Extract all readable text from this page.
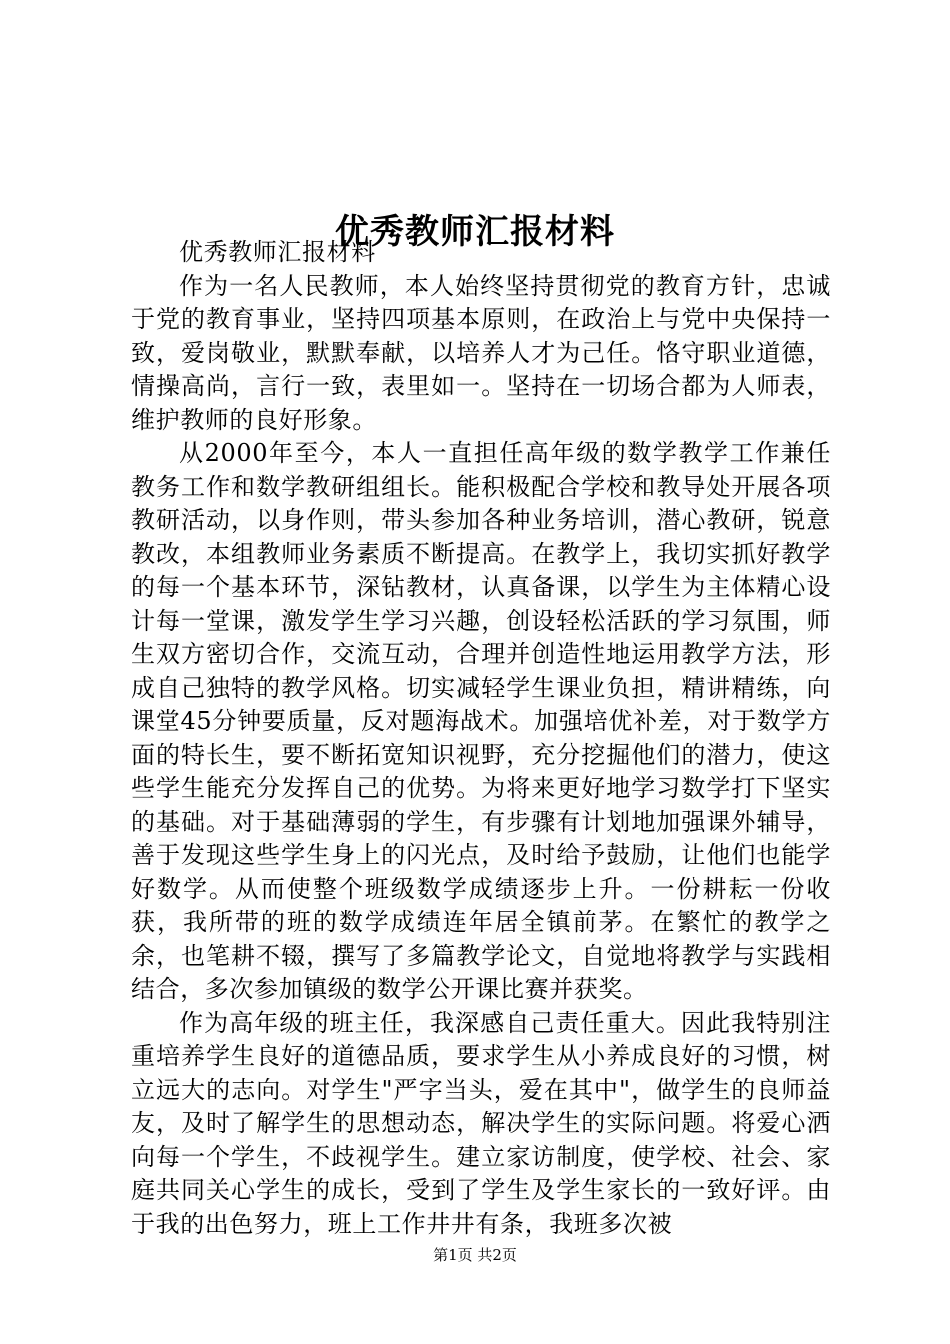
优秀教师汇报材料

优秀教师汇报材料

作为一名人民教师，本人始终坚持贯彻党的教育方针，忠诚于党的教育事业，坚持四项基本原则，在政治上与党中央保持一致，爱岗敬业，默默奉献，以培养人才为己任。恪守职业道德，情操高尚，言行一致，表里如一。坚持在一切场合都为人师表，维护教师的良好形象。

从2000年至今，本人一直担任高年级的数学教学工作兼任教务工作和数学教研组组长。能积极配合学校和教导处开展各项教研活动，以身作则，带头参加各种业务培训，潜心教研，锐意教改，本组教师业务素质不断提高。在教学上，我切实抓好教学的每一个基本环节，深钻教材，认真备课，以学生为主体精心设计每一堂课，激发学生学习兴趣，创设轻松活跃的学习氛围，师生双方密切合作，交流互动，合理并创造性地运用教学方法，形成自己独特的教学风格。切实减轻学生课业负担，精讲精练，向课堂45分钟要质量，反对题海战术。加强培优补差，对于数学方面的特长生，要不断拓宽知识视野，充分挖掘他们的潜力，使这些学生能充分发挥自己的优势。为将来更好地学习数学打下坚实的基础。对于基础薄弱的学生，有步骤有计划地加强课外辅导，善于发现这些学生身上的闪光点，及时给予鼓励，让他们也能学好数学。从而使整个班级数学成绩逐步上升。一份耕耘一份收获，我所带的班的数学成绩连年居全镇前茅。在繁忙的教学之余，也笔耕不辍，撰写了多篇教学论文，自觉地将教学与实践相结合，多次参加镇级的数学公开课比赛并获奖。

作为高年级的班主任，我深感自己责任重大。因此我特别注重培养学生良好的道德品质，要求学生从小养成良好的习惯，树立远大的志向。对学生"严字当头，爱在其中"，做学生的良师益友，及时了解学生的思想动态，解决学生的实际问题。将爱心洒向每一个学生，不歧视学生。建立家访制度，使学校、社会、家庭共同关心学生的成长，受到了学生及学生家长的一致好评。由于我的出色努力，班上工作井井有条，我班多次被

第1页 共2页
